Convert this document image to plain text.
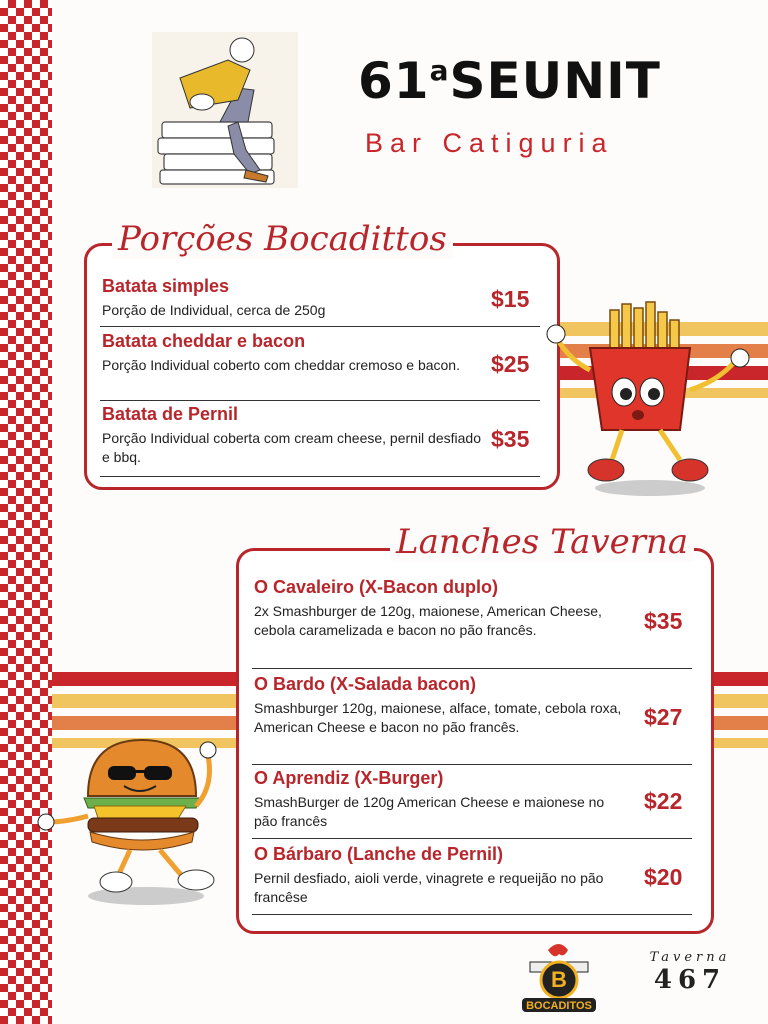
61$^a$SEUNIT
Bar Catiguria
Porções Bocadittos
Batata simples
Porção de Individual, cerca de 250g	$15
Batata cheddar e bacon
Porção Individual coberto com cheddar cremoso e bacon.	$25
Batata de Pernil
Porção Individual coberta com cream cheese, pernil desfiado e bbq.
$35
Lanches Taverna
O Cavaleiro (X-Bacon duplo)
2x Smashburger de 120g, maionese, American Cheese, cebola caramelizada e bacon no pão francês.	$35
O Bardo (X-Salada bacon)
Smashburger 120g, maionese, alface, tomate, cebola roxa, American Cheese e bacon no pão francês.	$27
O Aprendiz (X-Burger)
SmashBurger de 120g American Cheese e maionese no pão francês
$22
O Bárbaro (Lanche de Pernil)
Pernil desfiado, aioli verde, vinagrete e requeijão no pão francêse
$20
B
BOCADITOS
Taverna
467
